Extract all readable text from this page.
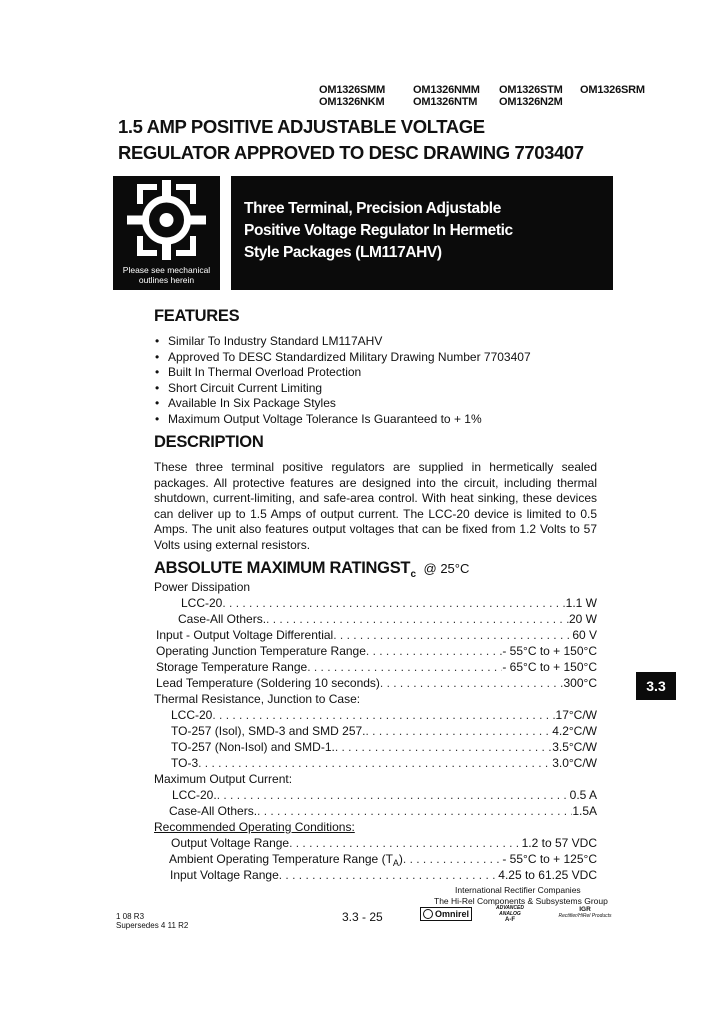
OM1326SMM	OM1326NMM OM1326STM OM1326SRM
OM1326NKM	OM1326NTM OM1326N2M
1.5 AMP POSITIVE ADJUSTABLE VOLTAGE
REGULATOR APPROVED TO DESC DRAWING 7703407
Please see mechanical
outlines herein
Three Terminal, Precision Adjustable
Positive Voltage Regulator In Hermetic
Style Packages (LM117AHV)
FEATURES
• Similar To Industry Standard LM117AHV
• Approved To DESC Standardized Military Drawing Number 7703407
• Built In Thermal Overload Protection
• Short Circuit Current Limiting
• Available In Six Package Styles
• Maximum Output Voltage Tolerance Is Guaranteed to + 1%
DESCRIPTION

These three terminal positive regulators are supplied in hermetically sealed packages. All protective features are designed into the circuit, including thermal shutdown, current-limiting, and safe-area control. With heat sinking, these devices can deliver up to 1.5 Amps of output current. The LCC-20 device is limited to 0.5 Amps. The unit also features output voltages that can be fixed from 1.2 Volts to 57 Volts using external resistors.

ABSOLUTE MAXIMUM $RATINGST_c$ @ 25°C
Power Dissipation
LCC-20 . . .	1.1 W
Case-All Others. . . .	20 W
Input - Output Voltage Differential . . .	60 V
Operating Junction Temperature Range . . .	- 55°C to + 150°C
Storage Temperature Range . . .	- 65°C to + 150°C
Lead Temperature (Soldering 10 seconds) . . .	300°C
Thermal Resistance, Junction to Case:
LCC-20 . . .	17°C/W
TO-257 (Isol), SMD-3 and SMD 257. . . .	4.2°C/W
TO-257 (Non-Isol) and SMD-1. . . .	3.5°C/W
TO-3 . . .	3.0°C/W
Maximum Output Current:
LCC-20. . . .	0.5 A
Case-All Others. . . .	1.5A
Recommended Operating Conditions:
Output Voltage Range . . .	1.2 to 57 VDC
Ambient Operating Temperature Range $(T_A)$ . . .	- 55°C to + 125°C
Input Voltage Range . . .	4.25 to 61.25 VDC
3.3
1 08 R3
Supersedes 4 11 R2
3.3 - 25
International Rectifier Companies
The Hi-Rel Components & Subsystems Group
Omnirel
ADVANCED
ANALOG
A-F
IGR
Rectifier/HiRel Products
